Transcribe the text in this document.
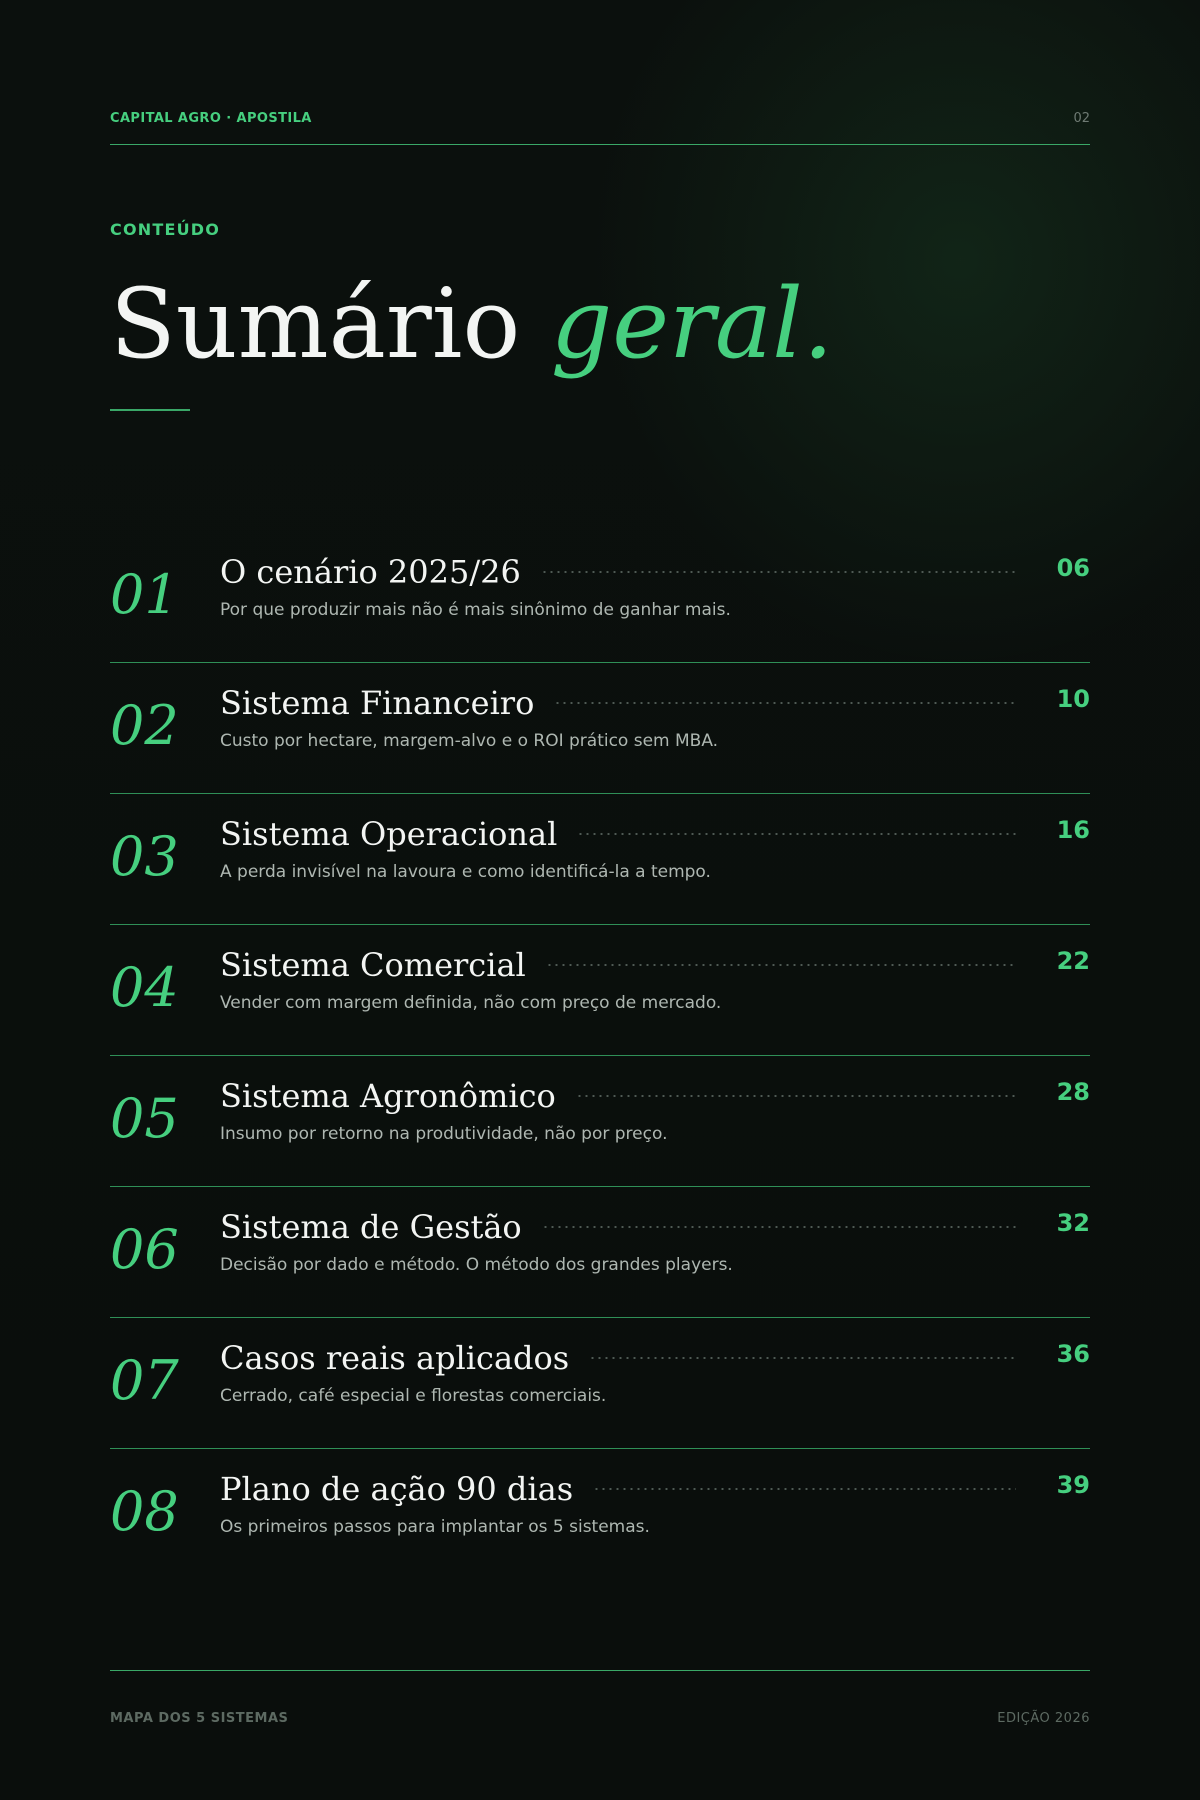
CAPITAL AGRO · APOSTILA	02
CONTEÚDO
Sumário geral.
01 O cenário 2025/26	06
Por que produzir mais não é mais sinônimo de ganhar mais.
02 Sistema Financeiro	10
Custo por hectare, margem-alvo e o ROI prático sem MBA.
03 Sistema Operacional	16
A perda invisível na lavoura e como identificá-la a tempo.
04 Sistema Comercial	22
Vender com margem definida, não com preço de mercado.
05 Sistema Agronômico	28
Insumo por retorno na produtividade, não por preço.
06 Sistema de Gestão	32
Decisão por dado e método. O método dos grandes players.
07 Casos reais aplicados	36
Cerrado, café especial e florestas comerciais.
08 Plano de ação 90 dias	39
Os primeiros passos para implantar os 5 sistemas.
MAPA DOS 5 SISTEMAS	EDIÇÃO 2026
